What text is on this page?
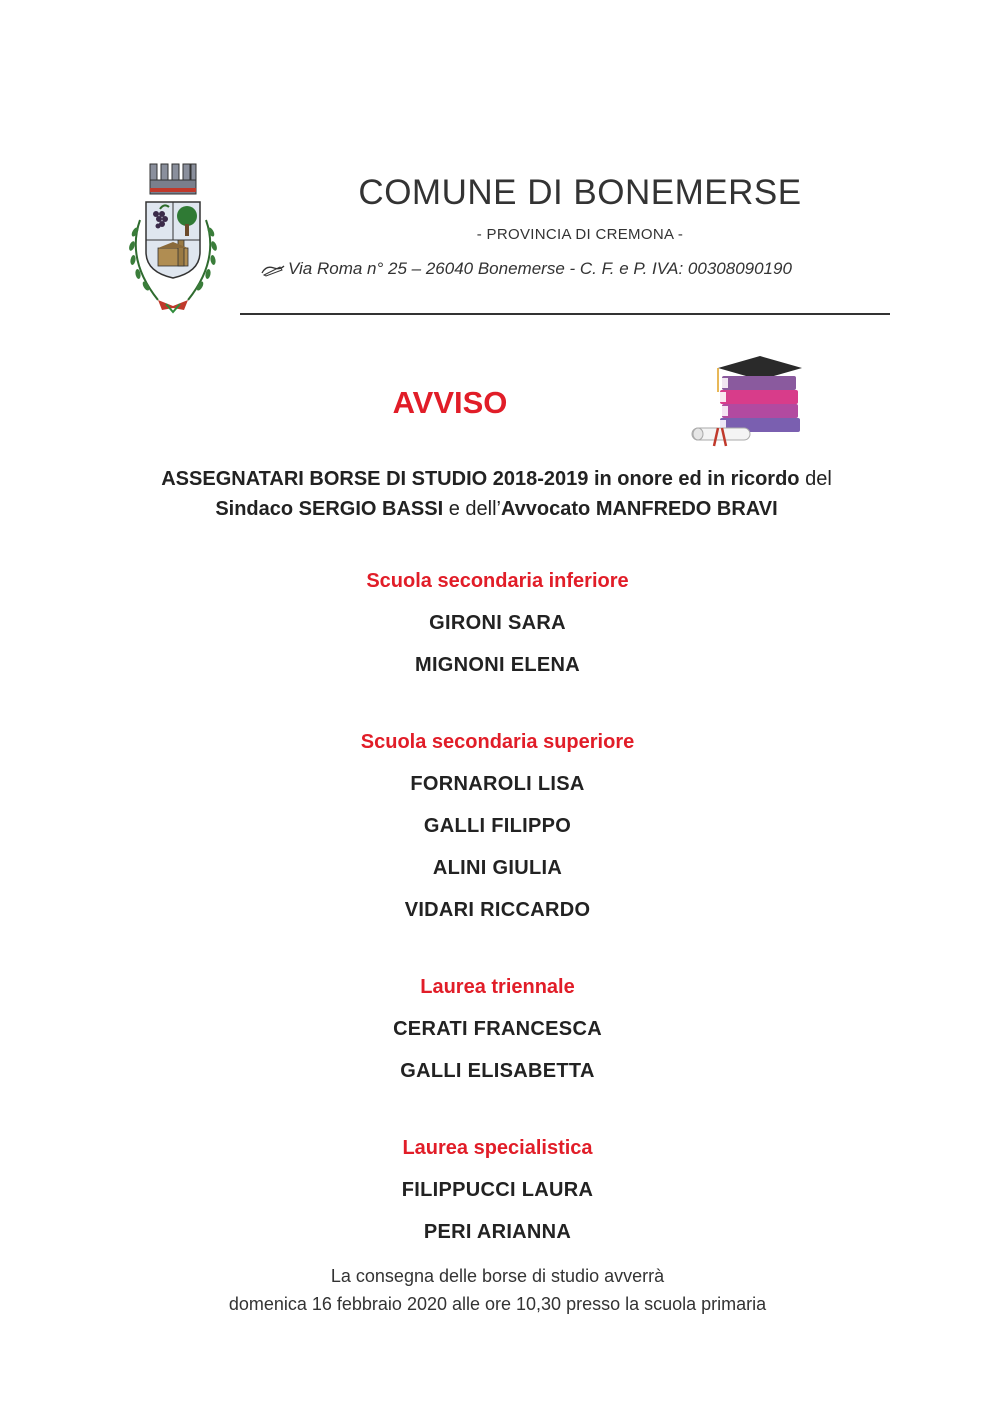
COMUNE DI BONEMERSE
- PROVINCIA DI CREMONA -
Via Roma n° 25 – 26040 Bonemerse - C. F. e P. IVA: 00308090190
AVVISO
ASSEGNATARI BORSE DI STUDIO 2018-2019 in onore ed in ricordo del
Sindaco SERGIO BASSI e dell’Avvocato MANFREDO BRAVI
Scuola secondaria inferiore
GIRONI SARA
MIGNONI ELENA
Scuola secondaria superiore
FORNAROLI LISA
GALLI FILIPPO
ALINI GIULIA
VIDARI RICCARDO
Laurea triennale
CERATI FRANCESCA
GALLI ELISABETTA
Laurea specialistica
FILIPPUCCI LAURA
PERI ARIANNA
La consegna delle borse di studio avverrà
domenica 16 febbraio 2020 alle ore 10,30 presso la scuola primaria
